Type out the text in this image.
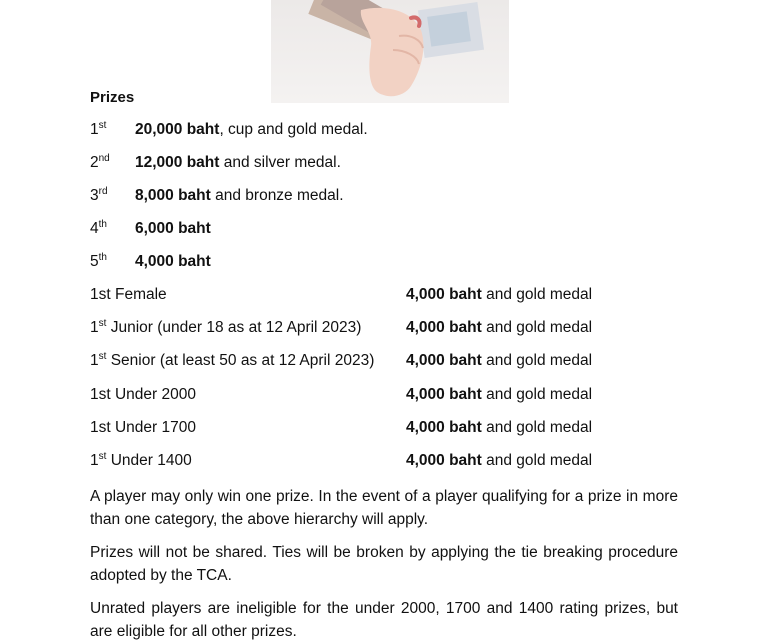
Prizes
1st 20,000 baht, cup and gold medal.
2nd 12,000 baht and silver medal.
3rd 8,000 baht and bronze medal.
4th 6,000 baht
5th 4,000 baht
1st Female	4,000 baht and gold medal
1st Junior (under 18 as at 12 April 2023)	4,000 baht and gold medal
1st Senior (at least 50 as at 12 April 2023) 4,000 baht and gold medal
1st Under 2000	4,000 baht and gold medal
1st Under 1700	4,000 baht and gold medal
1st Under 1400	4,000 baht and gold medal
A player may only win one prize. In the event of a player qualifying for a prize in more than one category, the above hierarchy will apply.
Prizes will not be shared. Ties will be broken by applying the tie breaking procedure adopted by the TCA.
Unrated players are ineligible for the under 2000, 1700 and 1400 rating prizes, but are eligible for all other prizes.
